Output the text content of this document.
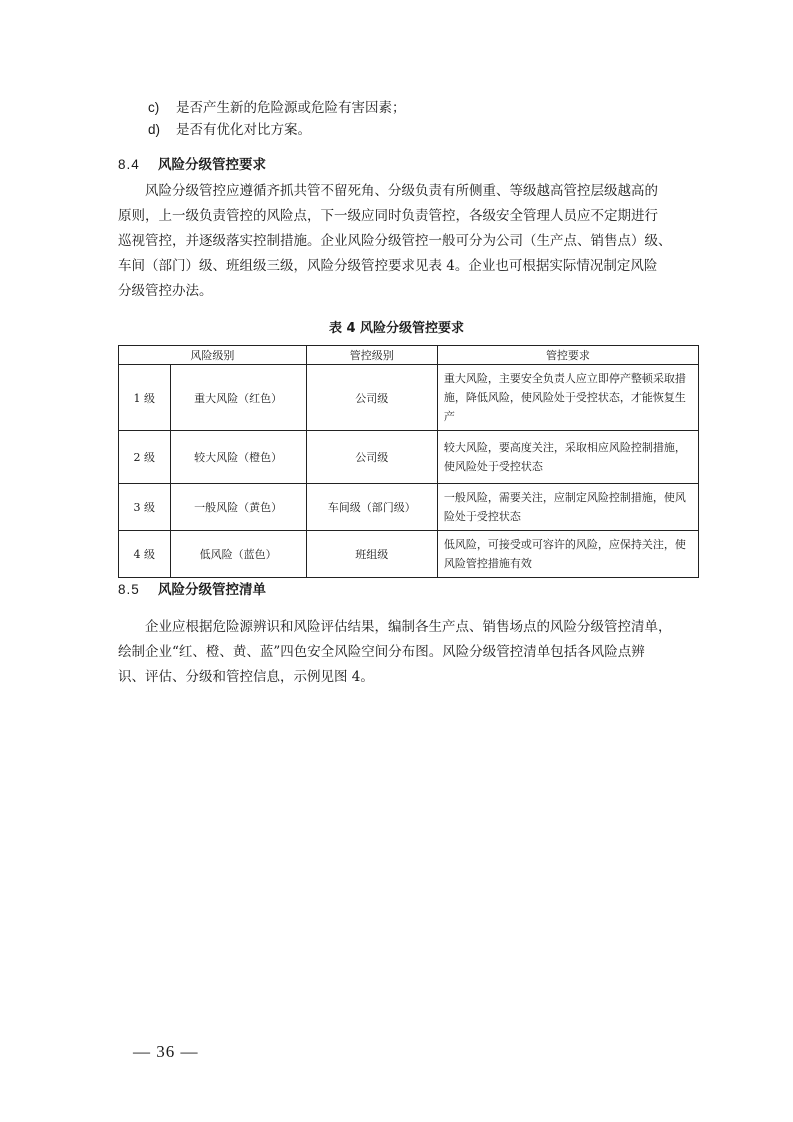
c) 是否产生新的危险源或危险有害因素；
d) 是否有优化对比方案。
8.4 风险分级管控要求
风险分级管控应遵循齐抓共管不留死角、分级负责有所侧重、等级越高管控层级越高的
原则，上一级负责管控的风险点，下一级应同时负责管控，各级安全管理人员应不定期进行
巡视管控，并逐级落实控制措施。企业风险分级管控一般可分为公司（生产点、销售点）级、
车间（部门）级、班组级三级，风险分级管控要求见表 4。企业也可根据实际情况制定风险
分级管控办法。
表 4 风险分级管控要求
风险级别		管控级别	管控要求
1 级	重大风险（红色）	公司级	重大风险，主要安全负责人应立即停产整顿采取措施，降低风险，使风险处于受控状态，才能恢复生产
2 级	较大风险（橙色）	公司级	较大风险，要高度关注，采取相应风险控制措施，使风险处于受控状态
3 级	一般风险（黄色）	车间级（部门级）	一般风险，需要关注，应制定风险控制措施，使风险处于受控状态
4 级	低风险（蓝色）	班组级	低风险，可接受或可容许的风险，应保持关注，使风险管控措施有效
8.5 风险分级管控清单
企业应根据危险源辨识和风险评估结果，编制各生产点、销售场点的风险分级管控清单，
绘制企业“红、橙、黄、蓝”四色安全风险空间分布图。风险分级管控清单包括各风险点辨
识、评估、分级和管控信息，示例见图 4。
— 36 —
